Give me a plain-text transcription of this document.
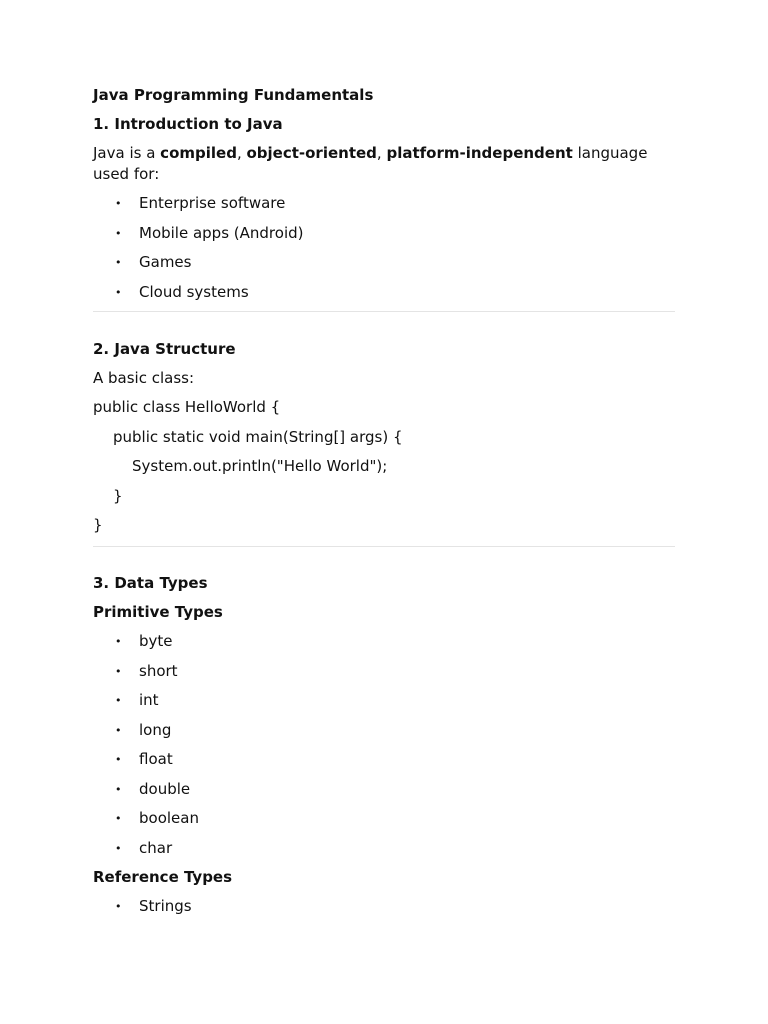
Java Programming Fundamentals
1. Introduction to Java
Java is a compiled, object-oriented, platform-independent language used for:
• Enterprise software
• Mobile apps (Android)
• Games
• Cloud systems
2. Java Structure
A basic class:
public class HelloWorld {
public static void main(String[] args) {
System.out.println("Hello World");
}
}
3. Data Types
Primitive Types
• byte
• short
• int
• long
• float
• double
• boolean
• char
Reference Types
• Strings
